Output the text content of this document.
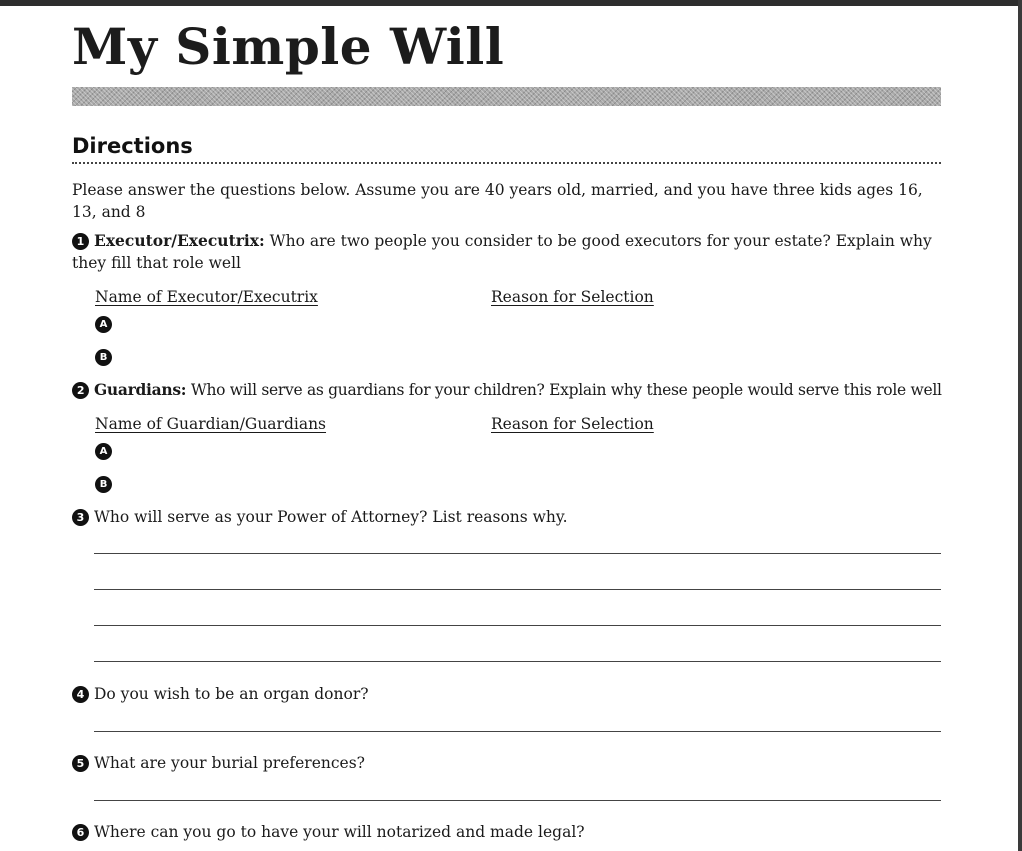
My Simple Will
Directions
Please answer the questions below. Assume you are 40 years old, married, and you have three kids ages 16, 13, and 8
1 Executor/Executrix: Who are two people you consider to be good executors for your estate? Explain why they fill that role well
Name of Executor/Executrix	Reason for Selection
A
B
2 Guardians: Who will serve as guardians for your children? Explain why these people would serve this role well
Name of Guardian/Guardians	Reason for Selection
A
B
3 Who will serve as your Power of Attorney? List reasons why.
4 Do you wish to be an organ donor?
5 What are your burial preferences?
6 Where can you go to have your will notarized and made legal?
